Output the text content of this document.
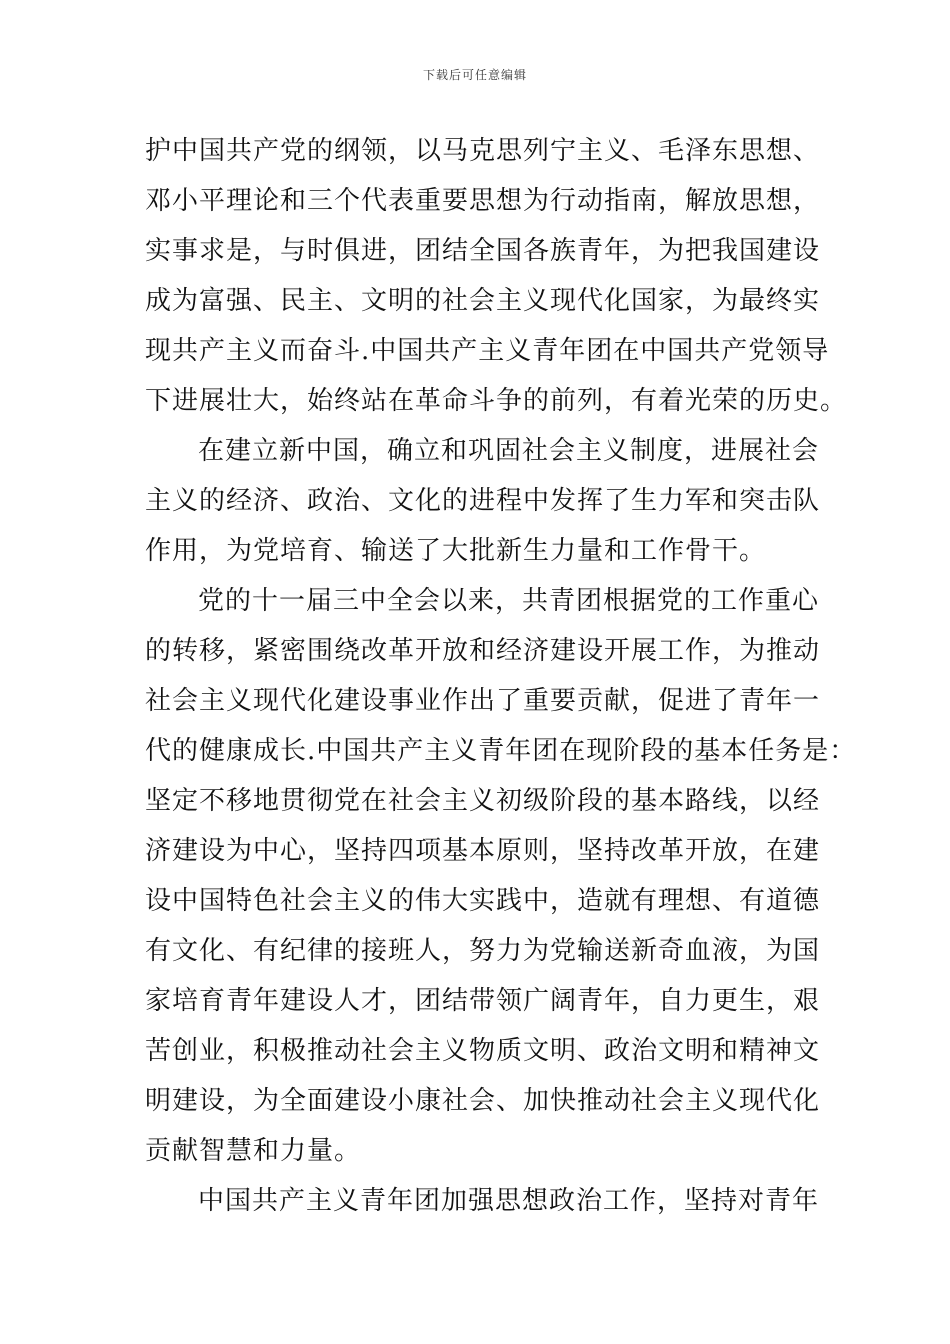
下载后可任意编辑
护中国共产党的纲领，以马克思列宁主义、毛泽东思想、
邓小平理论和三个代表重要思想为行动指南，解放思想，
实事求是，与时俱进，团结全国各族青年，为把我国建设
成为富强、民主、文明的社会主义现代化国家，为最终实
现共产主义而奋斗.中国共产主义青年团在中国共产党领导
下进展壮大，始终站在革命斗争的前列，有着光荣的历史。
在建立新中国，确立和巩固社会主义制度，进展社会
主义的经济、政治、文化的进程中发挥了生力军和突击队
作用，为党培育、输送了大批新生力量和工作骨干。
党的十一届三中全会以来，共青团根据党的工作重心
的转移，紧密围绕改革开放和经济建设开展工作，为推动
社会主义现代化建设事业作出了重要贡献，促进了青年一
代的健康成长.中国共产主义青年团在现阶段的基本任务是：
坚定不移地贯彻党在社会主义初级阶段的基本路线，以经
济建设为中心，坚持四项基本原则，坚持改革开放，在建
设中国特色社会主义的伟大实践中，造就有理想、有道德
有文化、有纪律的接班人，努力为党输送新奇血液，为国
家培育青年建设人才，团结带领广阔青年，自力更生，艰
苦创业，积极推动社会主义物质文明、政治文明和精神文
明建设，为全面建设小康社会、加快推动社会主义现代化
贡献智慧和力量。
中国共产主义青年团加强思想政治工作，坚持对青年
